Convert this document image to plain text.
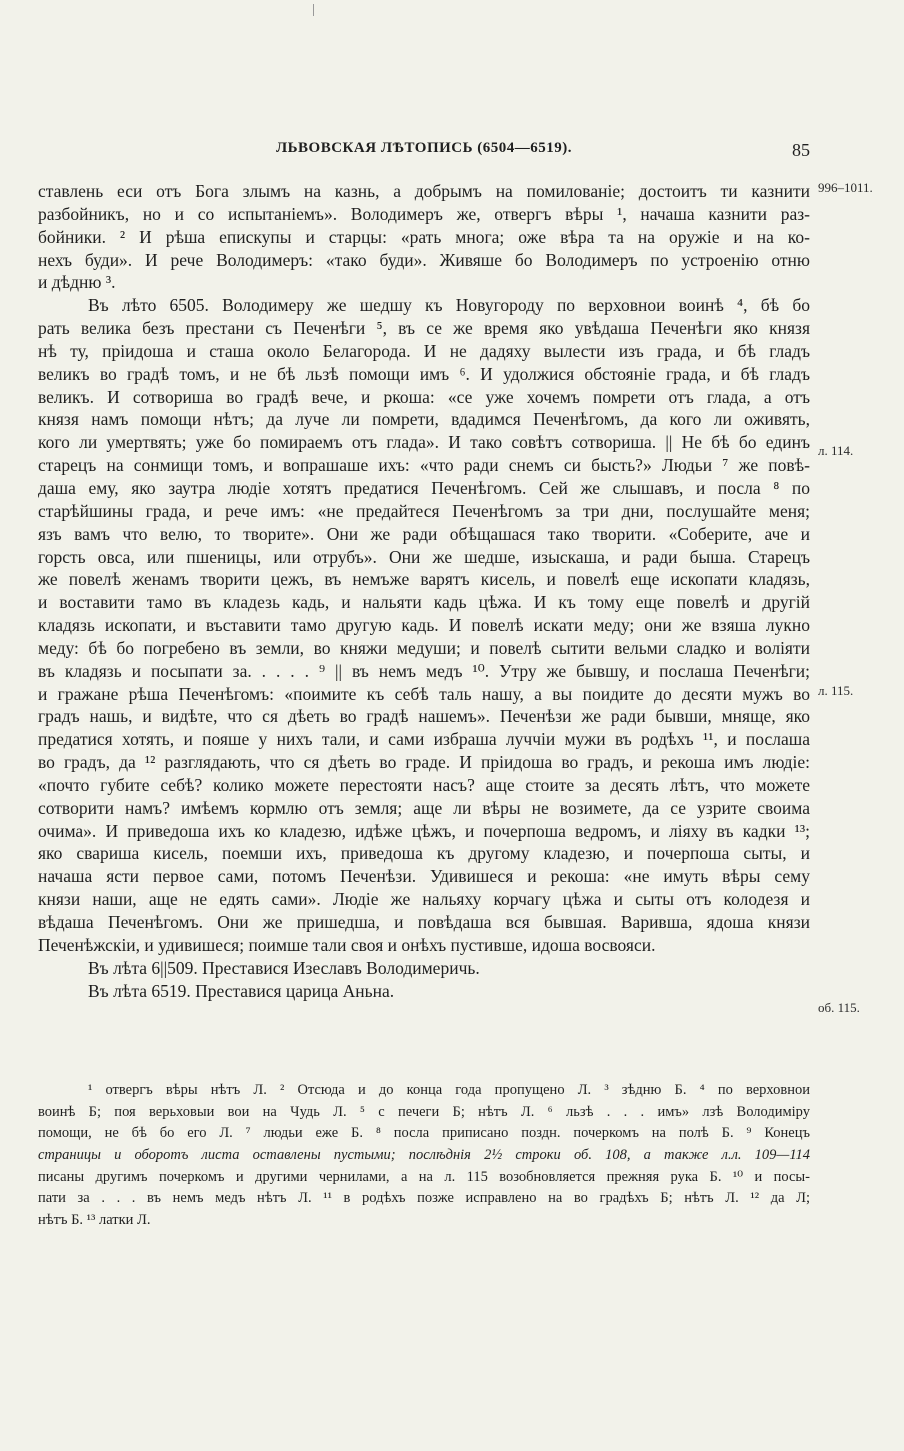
ЛЬВОВСКАЯ ЛѢТОПИСЬ (6504—6519).	85
ставлень еси отъ Бога злымъ на казнь, а добрымъ на помилованіе; достоитъ ти казнити
разбойникъ, но и со испытаніемъ». Володимеръ же, отвергъ вѣры ¹, начаша казнити раз-
бойники. ² И рѣша епискупы и старцы: «рать многа; оже вѣра та на оружіе и на ко-
нехъ буди». И рече Володимеръ: «тако буди». Живяше бо Володимеръ по устроенію отню
и дѣдню ³.
Въ лѣто 6505. Володимеру же шедшу къ Новугороду по верховнои воинѣ ⁴, бѣ бо
рать велика безъ престани съ Печенѣги ⁵, въ се же время яко увѣдаша Печенѣги яко князя
нѣ ту, пріидоша и сташа около Белагорода. И не дадяху вылести изъ града, и бѣ гладъ
великъ во градѣ томъ, и не бѣ льзѣ помощи имъ ⁶. И удолжися обстояніе града, и бѣ гладъ
великъ. И сотвориша во градѣ вече, и ркоша: «се уже хочемъ помрети отъ глада, а отъ
князя намъ помощи нѣтъ; да луче ли помрети, вдадимся Печенѣгомъ, да кого ли оживять,
кого ли умертвять; уже бо помираемъ отъ глада». И тако совѣтъ сотвориша. || Не бѣ бо единъ
старецъ на сонмищи томъ, и вопрашаше ихъ: «что ради снемъ си бысть?» Людьи ⁷ же повѣ-
даша ему, яко заутра людіе хотятъ предатися Печенѣгомъ. Сей же слышавъ, и посла ⁸ по
старѣйшины града, и рече имъ: «не предайтеся Печенѣгомъ за три дни, послушайте меня;
язъ вамъ что велю, то творите». Они же ради обѣщашася тако творити. «Соберите, аче и
горсть овса, или пшеницы, или отрубъ». Они же шедше, изыскаша, и ради быша. Старецъ
же повелѣ женамъ творити цежъ, въ немъже варятъ кисель, и повелѣ еще ископати кладязь,
и воставити тамо въ кладезь кадь, и нальяти кадь цѣжа. И къ тому еще повелѣ и другій
кладязь ископати, и въставити тамо другую кадь. И повелѣ искати меду; они же взяша лукно
меду: бѣ бо погребено въ земли, во княжи медуши; и повелѣ сытити вельми сладко и воліяти
въ кладязь и посыпати за. . . . . ⁹ || въ немъ медъ ¹⁰. Утру же бывшу, и послаша Печенѣги;
и гражане рѣша Печенѣгомъ: «поимите къ себѣ таль нашу, а вы поидите до десяти мужъ во
градъ нашь, и видѣте, что ся дѣеть во градѣ нашемъ». Печенѣзи же ради бывши, мняще, яко
предатися хотять, и пояше у нихъ тали, и сами избраша луччіи мужи въ родѣхъ ¹¹, и послаша
во градъ, да ¹² разглядають, что ся дѣеть во граде. И пріидоша во градъ, и рекоша имъ людіе:
«почто губите себѣ? колико можете перестояти насъ? аще стоите за десять лѣтъ, что можете
сотворити намъ? имѣемъ кормлю отъ земля; аще ли вѣры не возимете, да се узрите своима
очима». И приведоша ихъ ко кладезю, идѣже цѣжъ, и почерпоша ведромъ, и ліяху въ кадки ¹³;
яко свариша кисель, поемши ихъ, приведоша къ другому кладезю, и почерпоша сыты, и
начаша ясти первое сами, потомъ Печенѣзи. Удивишеся и рекоша: «не имуть вѣры сему
князи наши, аще не едять сами». Людіе же нальяху корчагу цѣжа и сыты отъ колодезя и
вѣдаша Печенѣгомъ. Они же пришедша, и повѣдаша вся бывшая. Варивша, ядоша князи
Печенѣжскіи, и удивишеся; поимше тали своя и онѣхъ пустивше, идоша восвояси.
Въ лѣта 6||509. Преставися Изеславъ Володимеричь.
Въ лѣта 6519. Преставися царица Аньна.
996–1011.
л. 114.
л. 115.
об. 115.
¹ отвергъ вѣры нѣтъ Л. ² Отсюда и до конца года пропущено Л. ³ зѣдню Б. ⁴ по верховнои
воинѣ Б; поя верьховыи вои на Чудь Л. ⁵ с печеги Б; нѣтъ Л. ⁶ льзѣ . . . имъ» лзѣ Володиміру
помощи, не бѣ бо его Л. ⁷ людьи еже Б. ⁸ посла приписано поздн. почеркомъ на полѣ Б. ⁹ Конецъ
страницы и оборотъ листа оставлены пустыми; послѣднія 2½ строки об. 108, а также л.л. 109—114
писаны другимъ почеркомъ и другими чернилами, а на л. 115 возобновляется прежняя рука Б. ¹⁰ и посы-
пати за . . . въ немъ медъ нѣтъ Л. ¹¹ в родѣхъ позже исправлено на во градѣхъ Б; нѣтъ Л. ¹² да Л;
нѣтъ Б. ¹³ латки Л.
